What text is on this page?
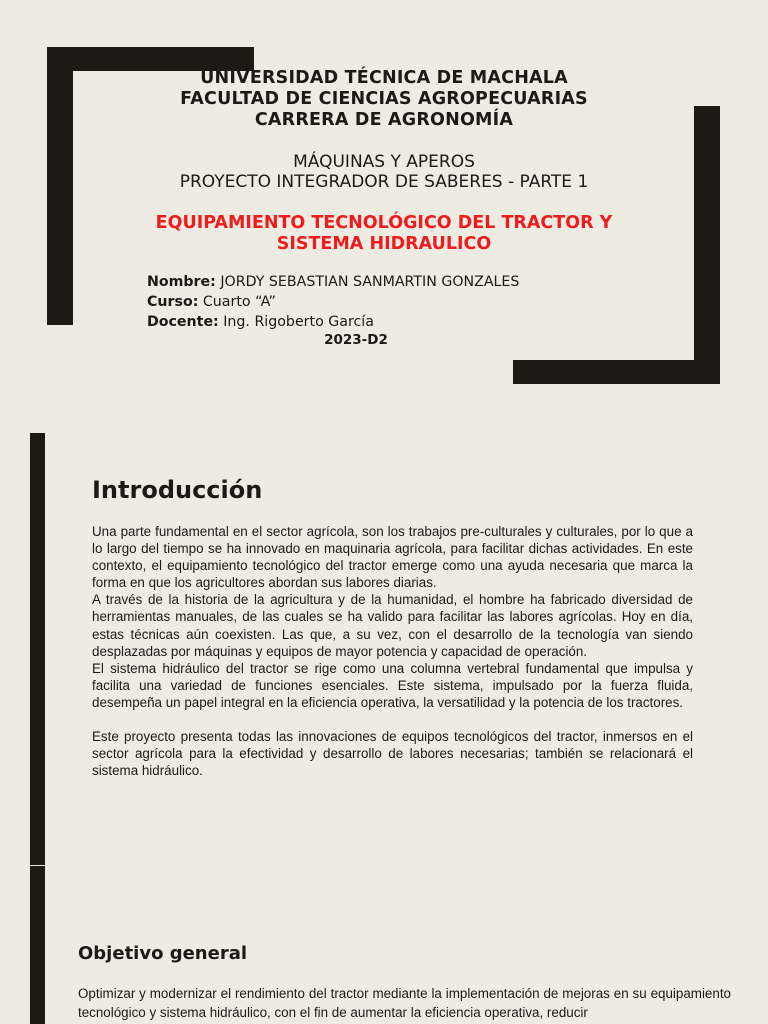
UNIVERSIDAD TÉCNICA DE MACHALA
FACULTAD DE CIENCIAS AGROPECUARIAS
CARRERA DE AGRONOMÍA
MÁQUINAS Y APEROS
PROYECTO INTEGRADOR DE SABERES - PARTE 1
EQUIPAMIENTO TECNOLÓGICO DEL TRACTOR Y
SISTEMA HIDRAULICO
Nombre: JORDY SEBASTIAN SANMARTIN GONZALES
Curso: Cuarto “A”
Docente: Ing. Rigoberto García
2023-D2
Introducción

Una parte fundamental en el sector agrícola, son los trabajos pre-culturales y culturales, por lo que a lo largo del tiempo se ha innovado en maquinaria agrícola, para facilitar dichas actividades. En este contexto, el equipamiento tecnológico del tractor emerge como una ayuda necesaria que marca la forma en que los agricultores abordan sus labores diarias.

A través de la historia de la agricultura y de la humanidad, el hombre ha fabricado diversidad de herramientas manuales, de las cuales se ha valido para facilitar las labores agrícolas. Hoy en día, estas técnicas aún coexisten. Las que, a su vez, con el desarrollo de la tecnología van siendo desplazadas por máquinas y equipos de mayor potencia y capacidad de operación.

El sistema hidráulico del tractor se rige como una columna vertebral fundamental que impulsa y facilita una variedad de funciones esenciales. Este sistema, impulsado por la fuerza fluida, desempeña un papel integral en la eficiencia operativa, la versatilidad y la potencia de los tractores.

Este proyecto presenta todas las innovaciones de equipos tecnológicos del tractor, inmersos en el sector agrícola para la efectividad y desarrollo de labores necesarias; también se relacionará el sistema hidráulico.

Objetivo general
Optimizar y modernizar el rendimiento del tractor mediante la implementación de mejoras en su equipamiento tecnológico y sistema hidráulico, con el fin de aumentar la eficiencia operativa, reducir
